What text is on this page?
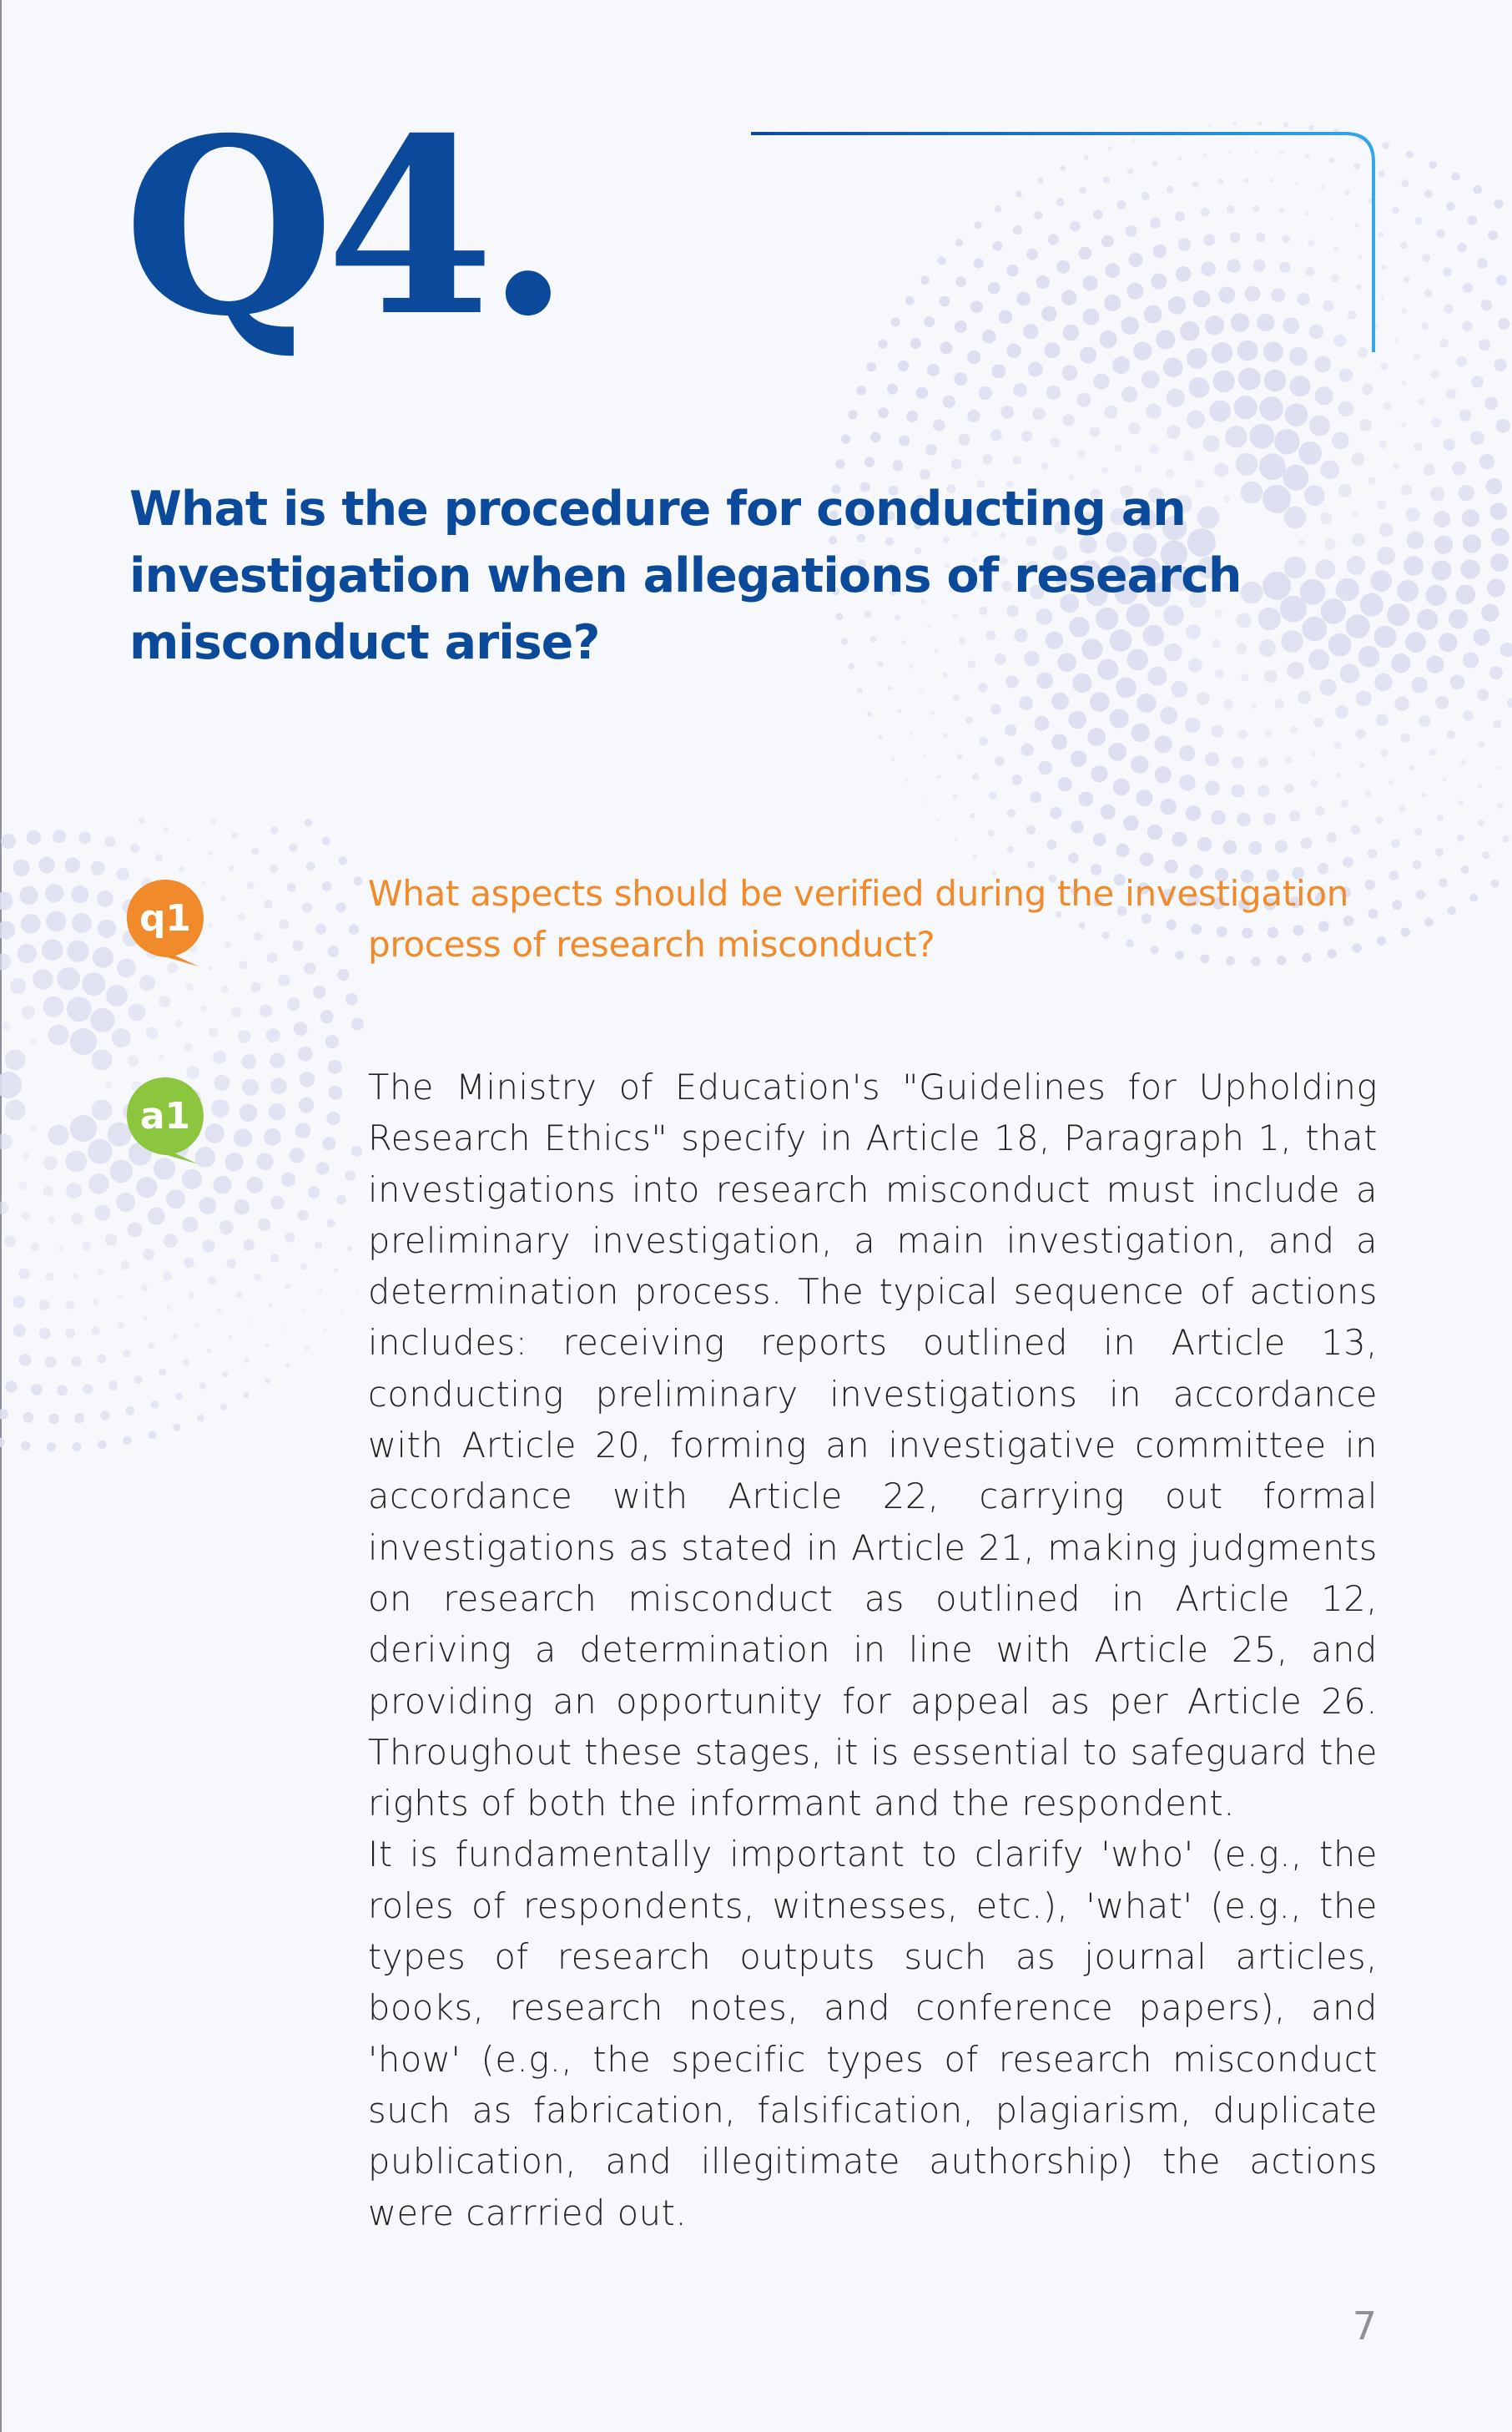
Q4.
What is the procedure for conducting an investigation when allegations of research misconduct arise?
q1

What aspects should be verified during the investigation process of research misconduct?

a1

The Ministry of Education's "Guidelines for Upholding Research Ethics" specify in Article 18, Paragraph 1, that investigations into research misconduct must include a preliminary investigation, a main investigation, and a determination process. The typical sequence of actions includes: receiving reports outlined in Article 13, conducting preliminary investigations in accordance with Article 20, forming an investigative committee in accordance with Article 22, carrying out formal investigations as stated in Article 21, making judgments on research misconduct as outlined in Article 12, deriving a determination in line with Article 25, and providing an opportunity for appeal as per Article 26. Throughout these stages, it is essential to safeguard the rights of both the informant and the respondent.

It is fundamentally important to clarify 'who' (e.g., the roles of respondents, witnesses, etc.), 'what' (e.g., the types of research outputs such as journal articles, books, research notes, and conference papers), and 'how' (e.g., the specific types of research misconduct such as fabrication, falsification, plagiarism, duplicate publication, and illegitimate authorship) the actions were carrried out.

7
